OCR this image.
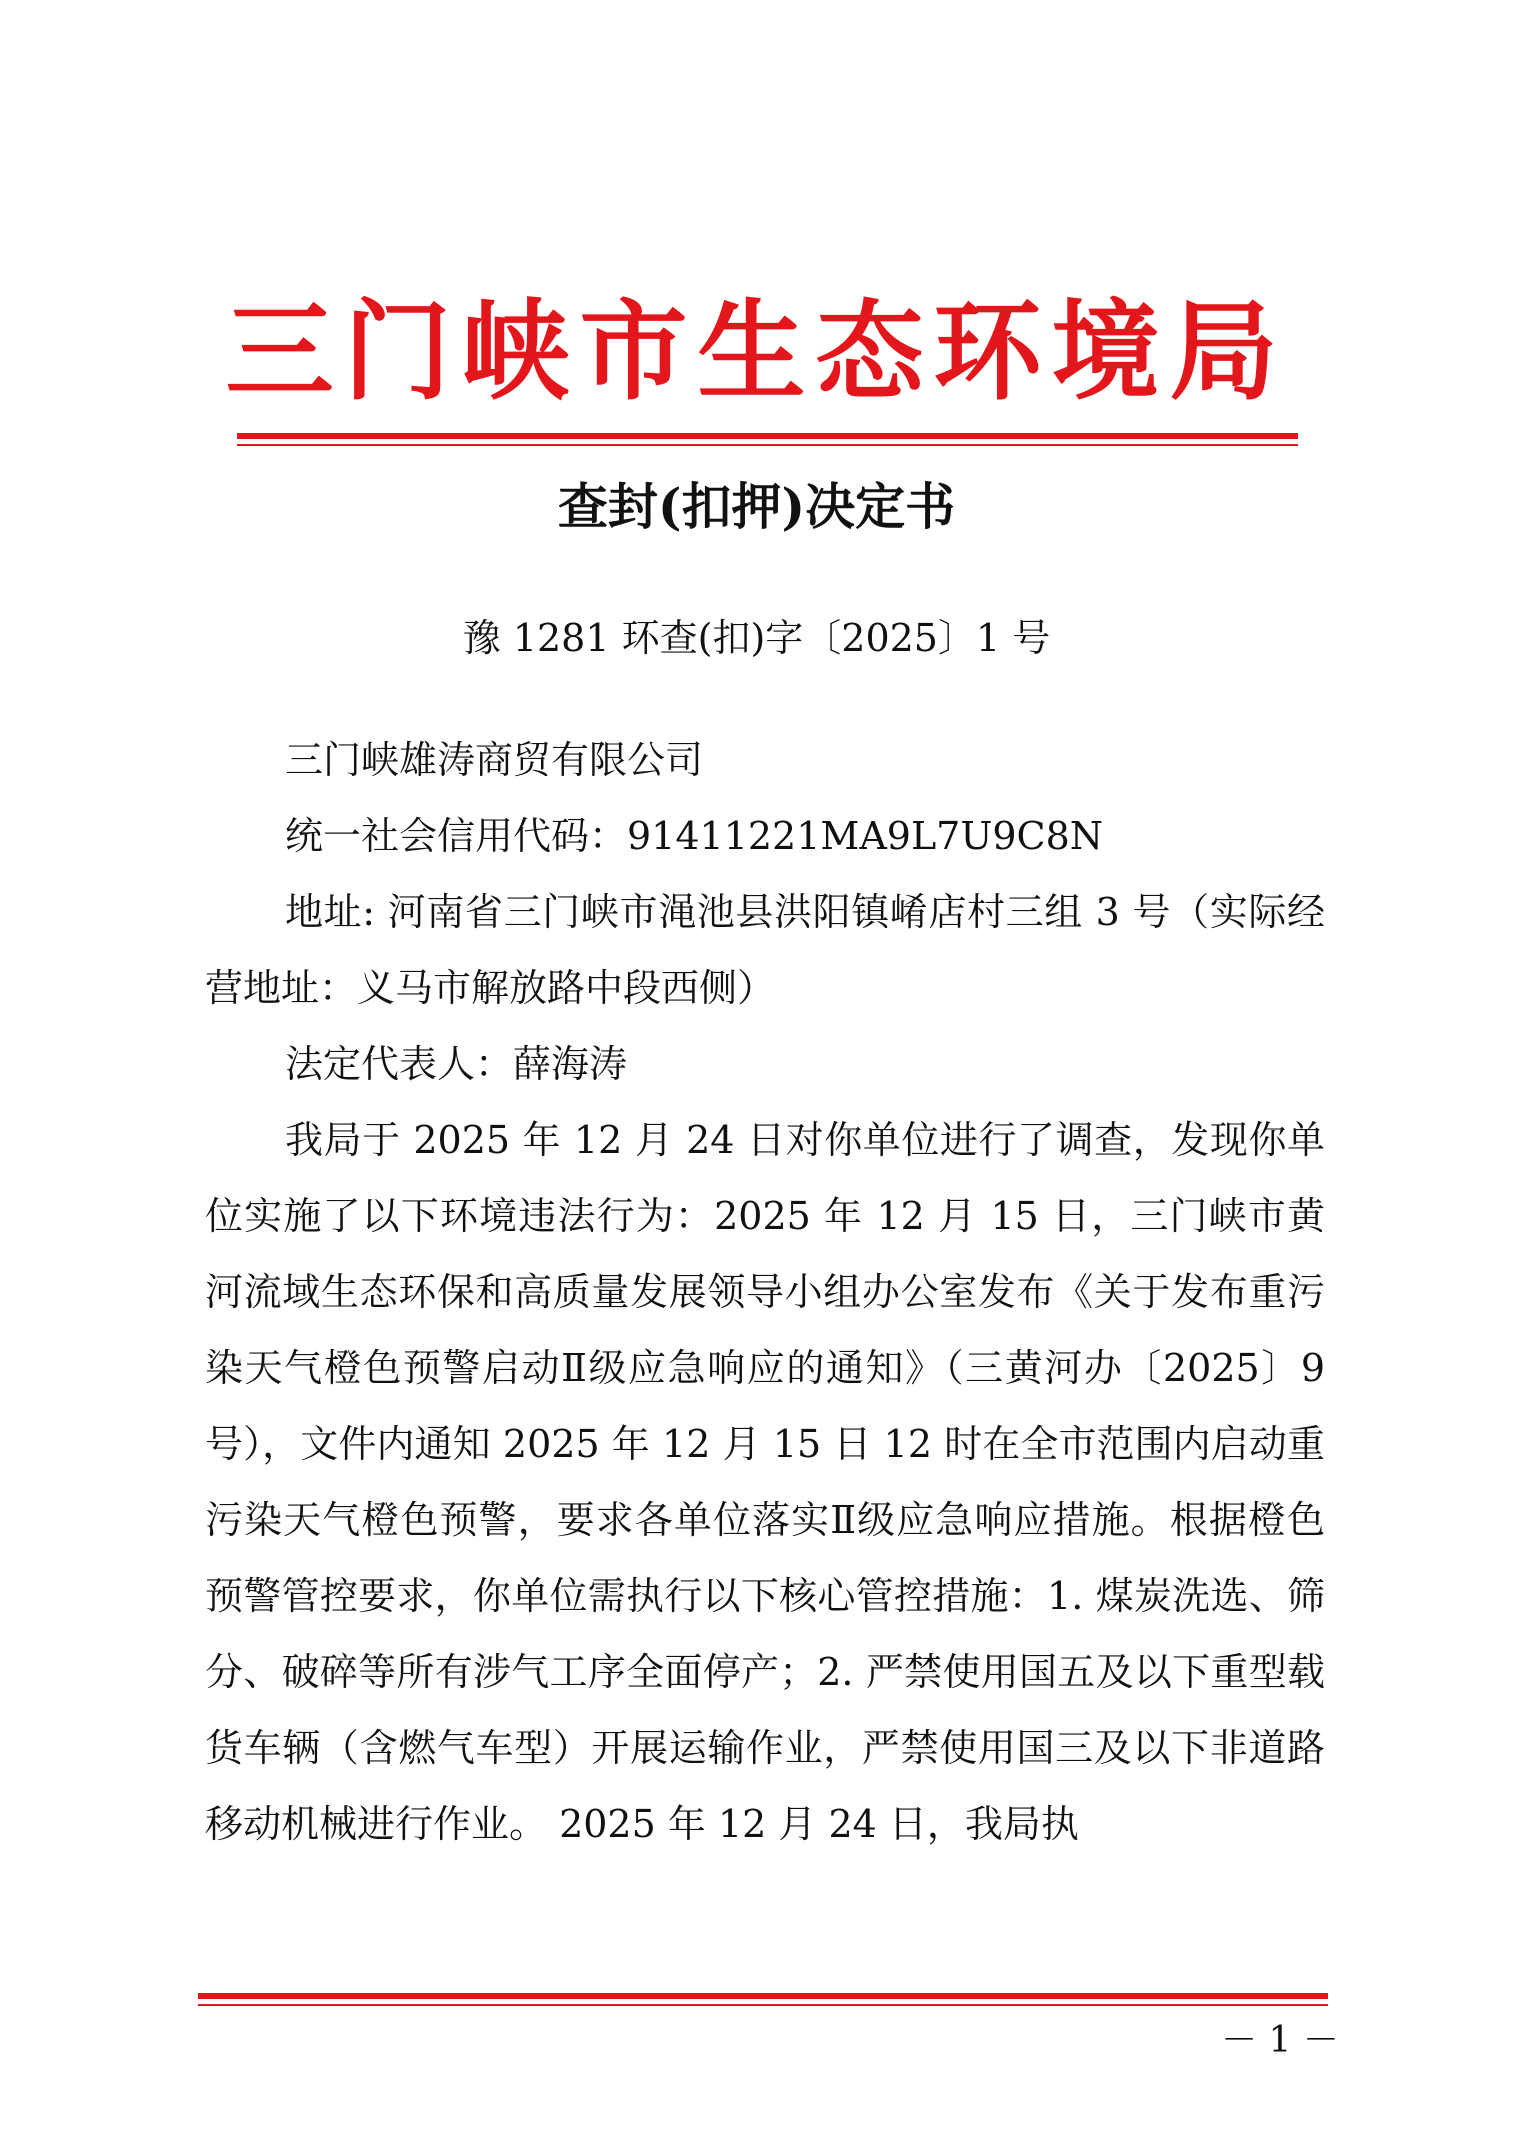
三门峡市生态环境局
查封(扣押)决定书
豫 1281 环查(扣)字〔2025〕1 号

三门峡雄涛商贸有限公司

统一社会信用代码：91411221MA9L7U9C8N

地址: 河南省三门峡市渑池县洪阳镇崤店村三组 3 号（实际经营地址：义马市解放路中段西侧）

法定代表人：薛海涛

我局于 2025 年 12 月 24 日对你单位进行了调查，发现你单位实施了以下环境违法行为：2025 年 12 月 15 日，三门峡市黄河流域生态环保和高质量发展领导小组办公室发布《关于发布重污染天气橙色预警启动Ⅱ级应急响应的通知》（三黄河办〔2025〕9 号），文件内通知 2025 年 12 月 15 日 12 时在全市范围内启动重污染天气橙色预警，要求各单位落实Ⅱ级应急响应措施。根据橙色预警管控要求，你单位需执行以下核心管控措施：1. 煤炭洗选、筛分、破碎等所有涉气工序全面停产；2. 严禁使用国五及以下重型载货车辆（含燃气车型）开展运输作业，严禁使用国三及以下非道路移动机械进行作业。 2025 年 12 月 24 日，我局执

－ 1 －
